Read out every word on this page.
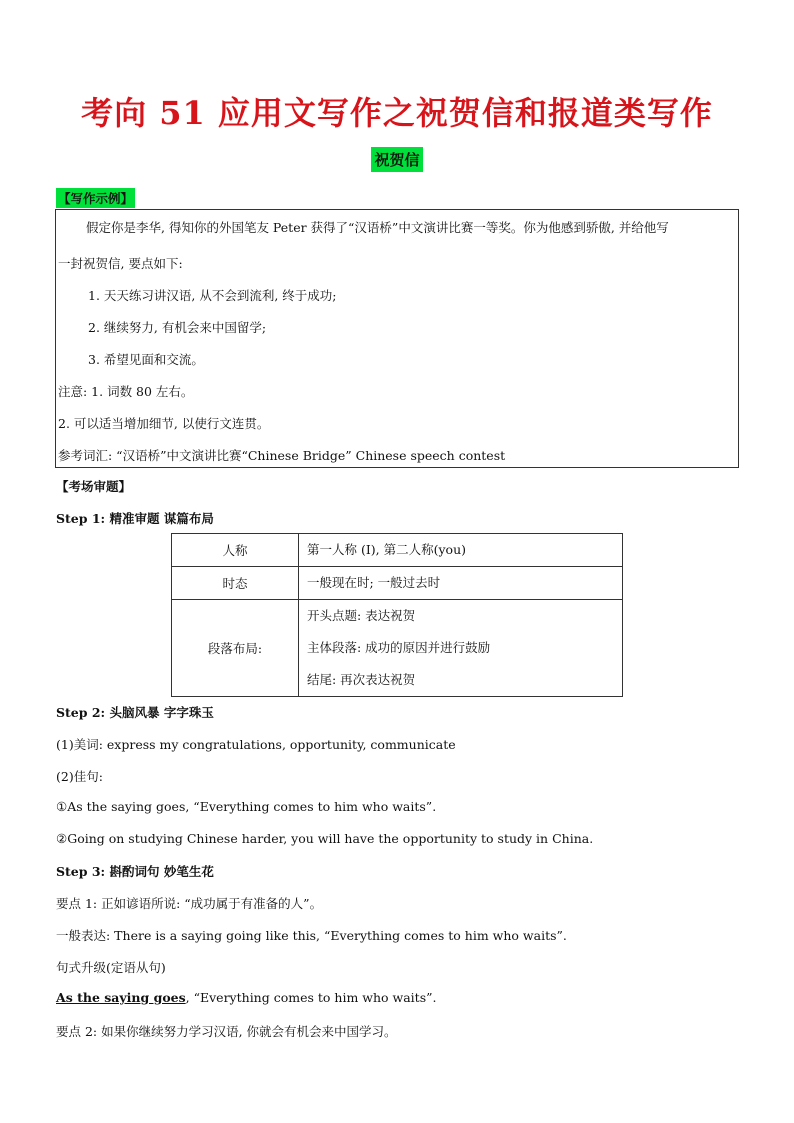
考向 51 应用文写作之祝贺信和报道类写作
祝贺信
【写作示例】
假定你是李华, 得知你的外国笔友 Peter 获得了“汉语桥”中文演讲比赛一等奖。你为他感到骄傲, 并给他写
一封祝贺信, 要点如下:
1. 天天练习讲汉语, 从不会到流利, 终于成功;
2. 继续努力, 有机会来中国留学;
3. 希望见面和交流。
注意: 1. 词数 80 左右。
2. 可以适当增加细节, 以使行文连贯。
参考词汇: “汉语桥”中文演讲比赛“Chinese Bridge” Chinese speech contest
【考场审题】
Step 1: 精准审题 谋篇布局
人称	第一人称 (I), 第二人称(you)

时态	一般现在时; 一般过去时

段落布局:	开头点题: 表达祝贺
主体段落: 成功的原因并进行鼓励
结尾: 再次表达祝贺
Step 2: 头脑风暴 字字珠玉
(1)美词: express my congratulations, opportunity, communicate
(2)佳句:
①As the saying goes, “Everything comes to him who waits”.
②Going on studying Chinese harder, you will have the opportunity to study in China.
Step 3: 斟酌词句 妙笔生花
要点 1: 正如谚语所说: “成功属于有准备的人”。
一般表达: There is a saying going like this, “Everything comes to him who waits”.
句式升级(定语从句)
As the saying goes, “Everything comes to him who waits”.
要点 2: 如果你继续努力学习汉语, 你就会有机会来中国学习。
